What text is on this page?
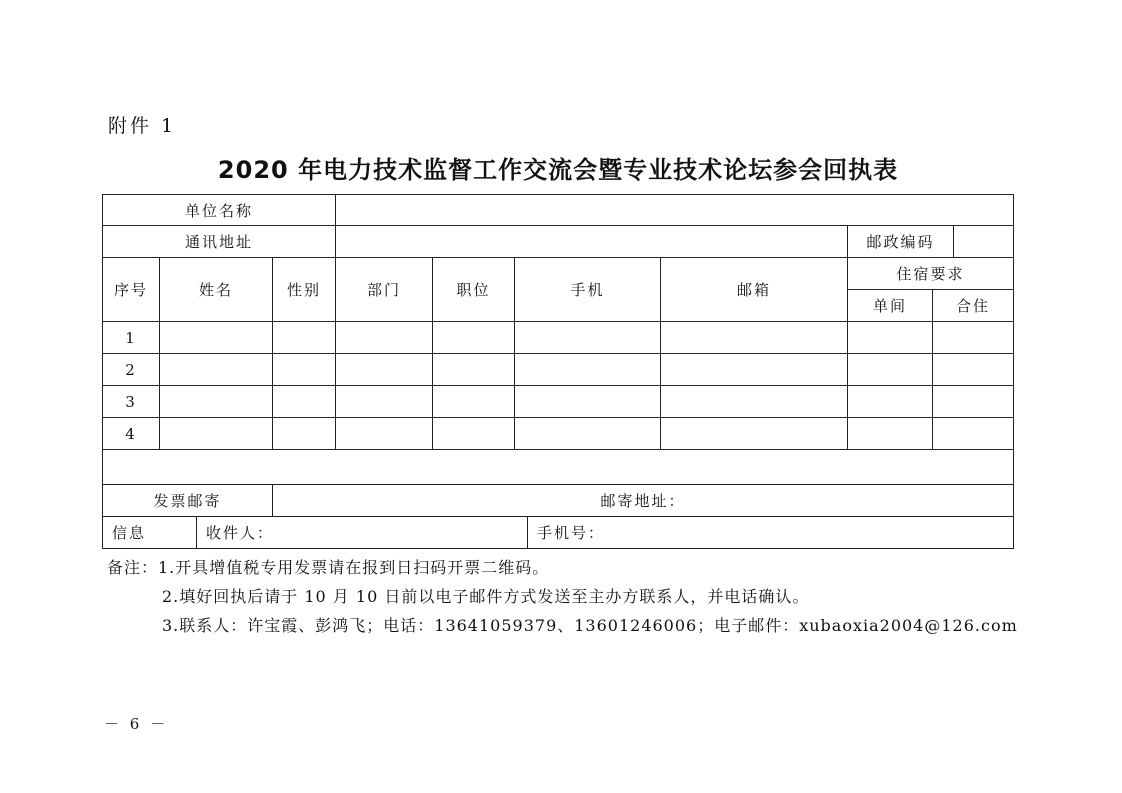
附件 1
2020 年电力技术监督工作交流会暨专业技术论坛参会回执表
单位名称								
通讯地址							邮政编码	

序号	姓名	性别	部门	职位	手机	邮箱	住宿要求	
							单间	合住
1								
2								
3								
4								

发票邮寄		邮寄地址：						

信息 收件人： 手机号：								
备注：1.开具增值税专用发票请在报到日扫码开票二维码。
2.填好回执后请于 10 月 10 日前以电子邮件方式发送至主办方联系人，并电话确认。
3.联系人：许宝霞、彭鸿飞；电话：13641059379、13601246006；电子邮件：xubaoxia2004@126.com
－ 6 －
